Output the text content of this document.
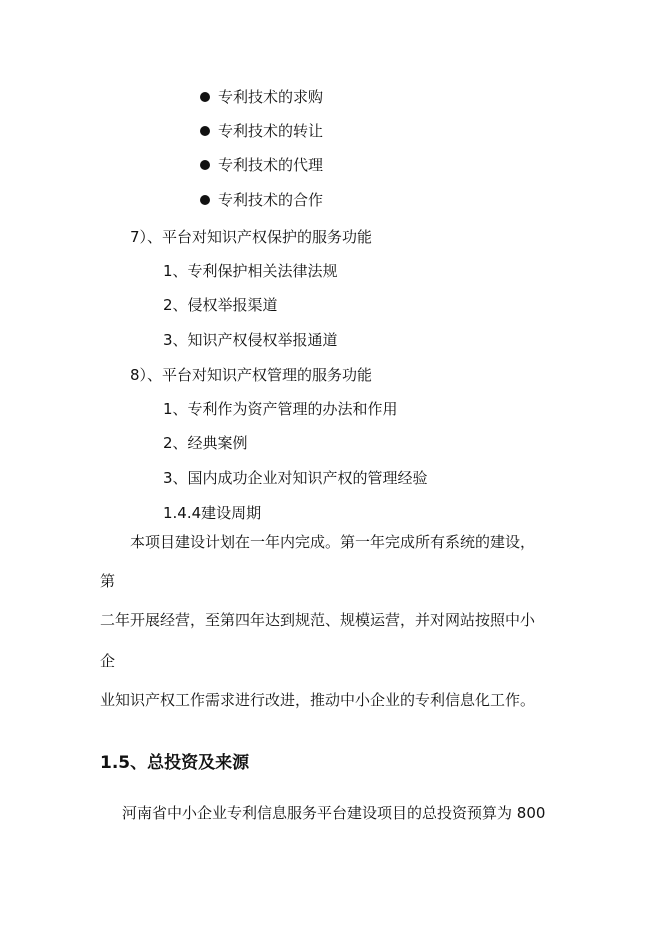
专利技术的求购
专利技术的转让
专利技术的代理
专利技术的合作
7）、平台对知识产权保护的服务功能
1、专利保护相关法律法规
2、侵权举报渠道
3、知识产权侵权举报通道
8）、平台对知识产权管理的服务功能
1、专利作为资产管理的办法和作用
2、经典案例
3、国内成功企业对知识产权的管理经验
1.4.4建设周期
本项目建设计划在一年内完成。第一年完成所有系统的建设，
第
二年开展经营，至第四年达到规范、规模运营，并对网站按照中小
企
业知识产权工作需求进行改进，推动中小企业的专利信息化工作。
1.5、总投资及来源
河南省中小企业专利信息服务平台建设项目的总投资预算为 800
